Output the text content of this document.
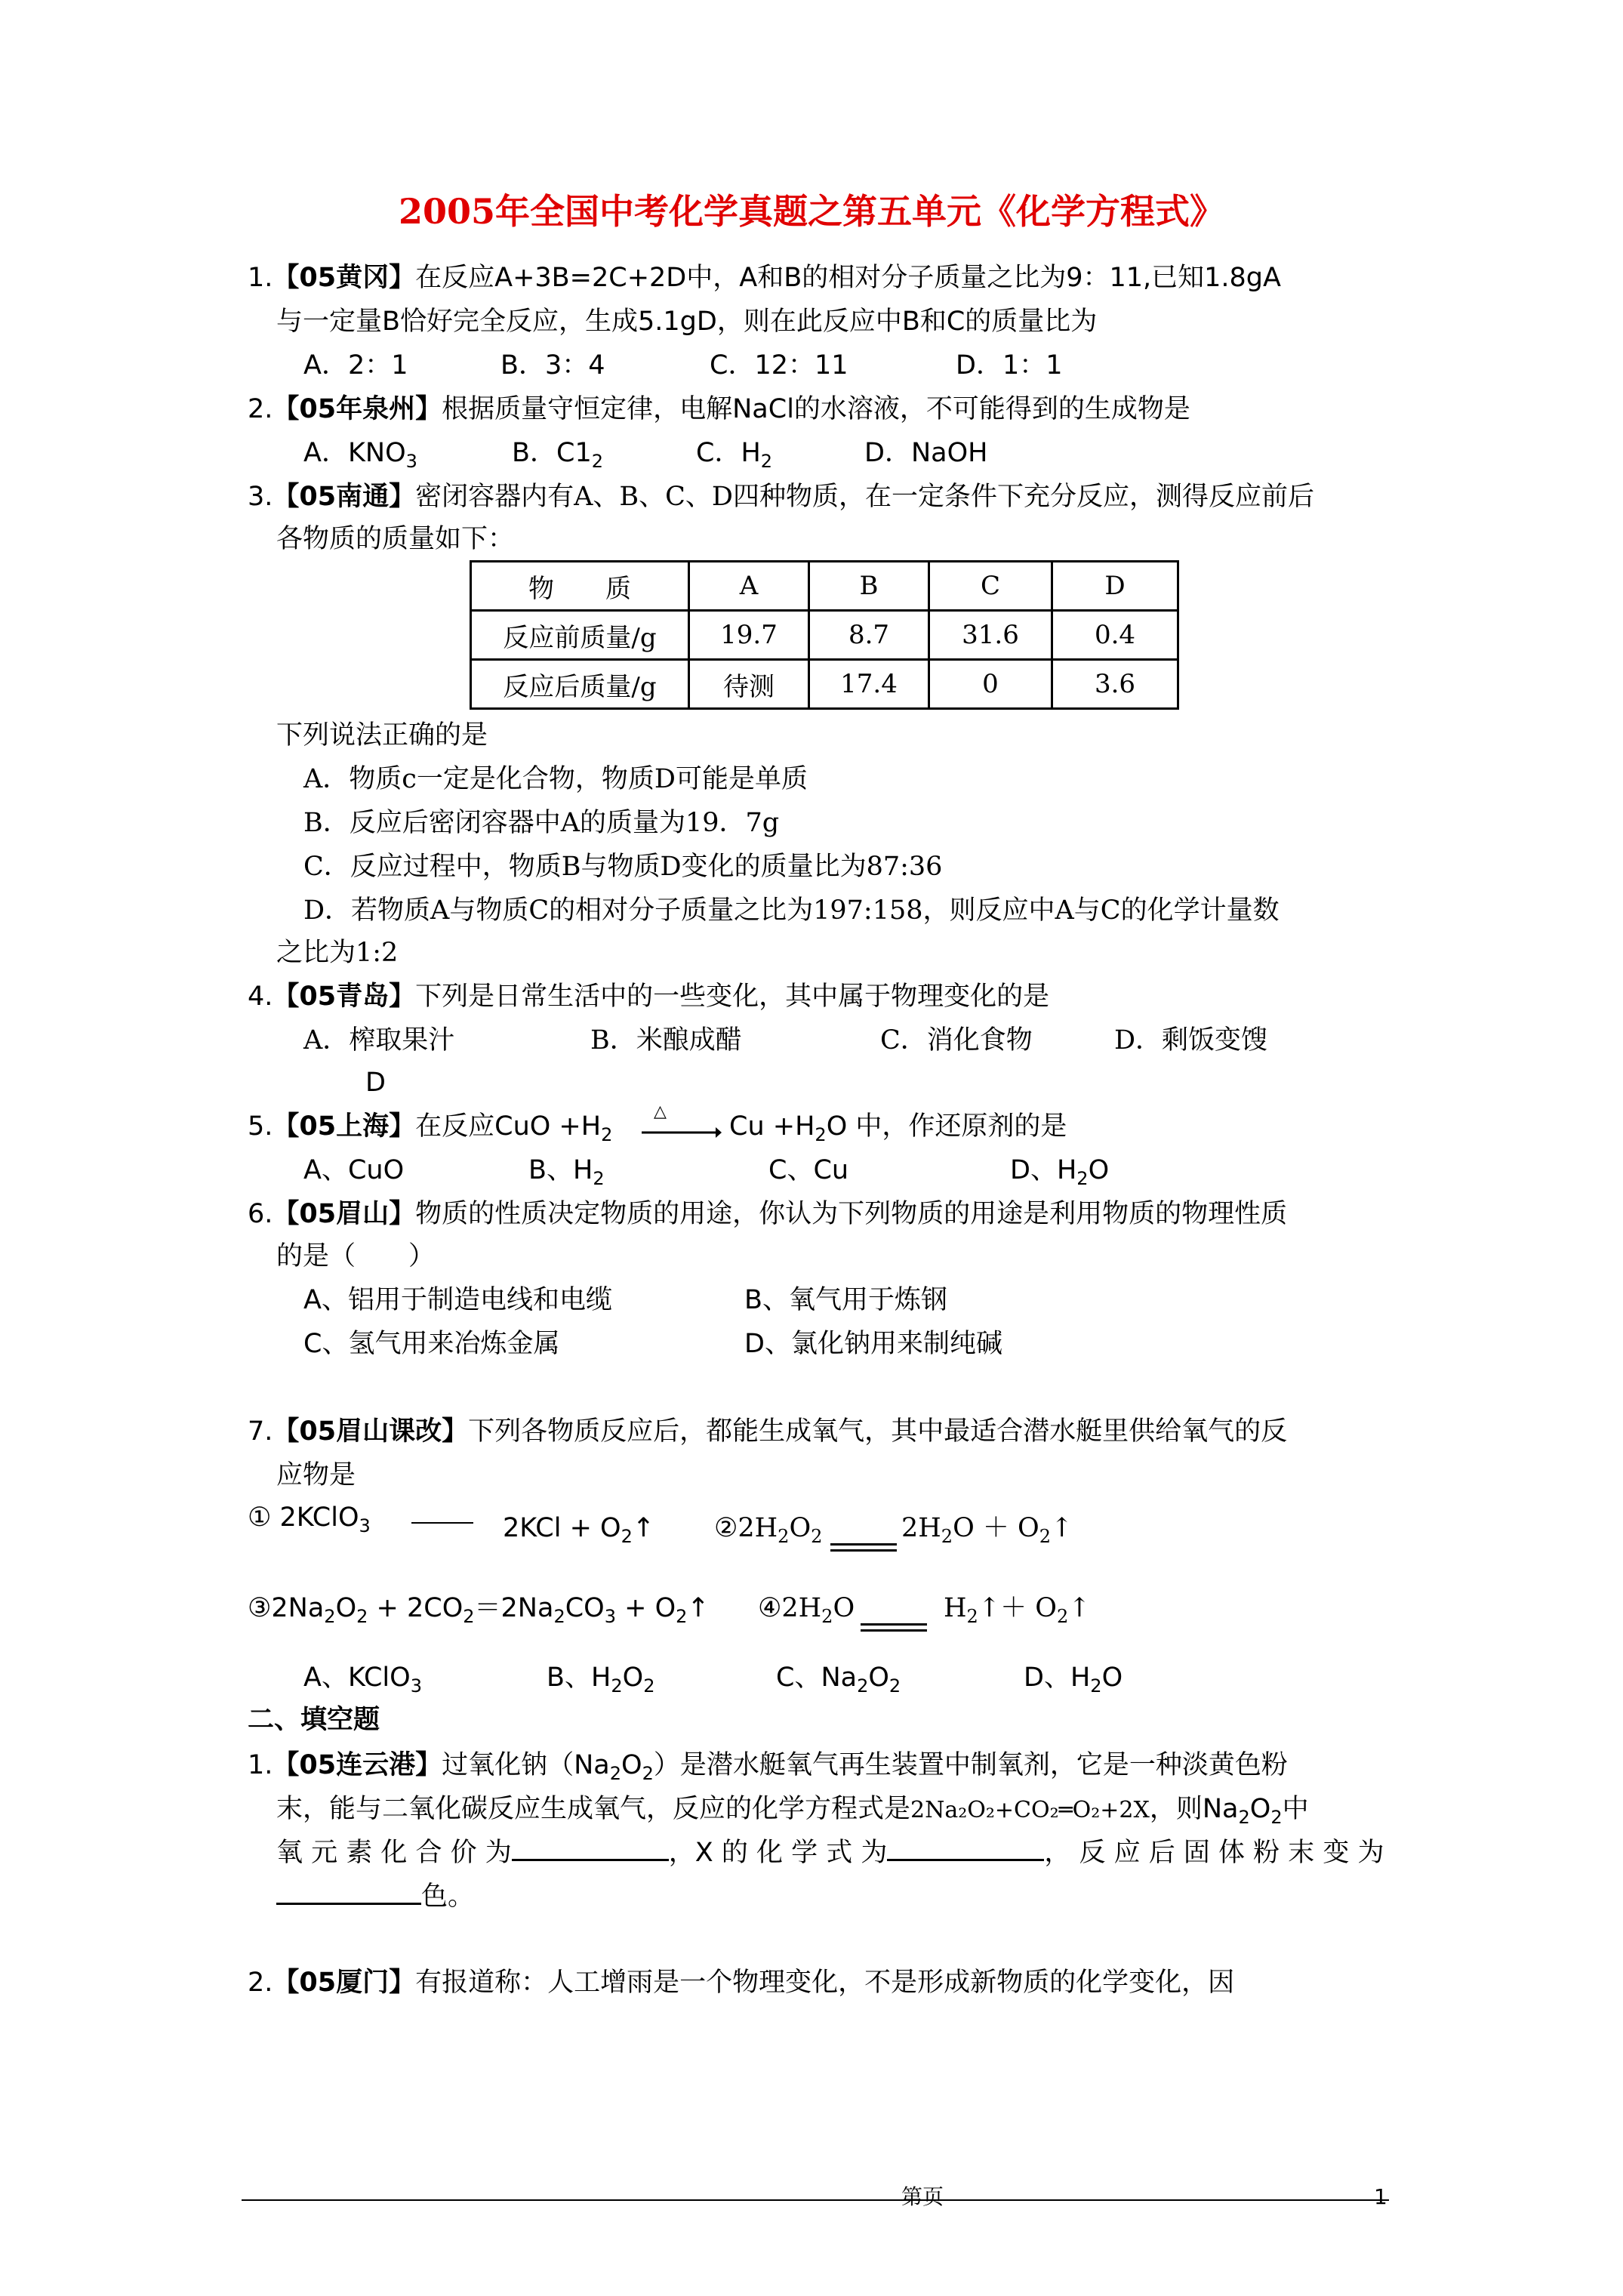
2005年全国中考化学真题之第五单元《化学方程式》
1.【05黄冈】在反应A+3B=2C+2D中，A和B的相对分子质量之比为9：11,已知1.8gA
与一定量B恰好完全反应，生成5.1gD，则在此反应中B和C的质量比为
A．2：1	B．3：4	C．12：11	D．1：1
2.【05年泉州】根据质量守恒定律，电解NaCl的水溶液，不可能得到的生成物是
A．$KNO_3$	B．$C1_2$	C．$H_2$	D．NaOH
3.【05南通】密闭容器内有A、B、C、D四种物质，在一定条件下充分反应，测得反应前后
各物质的质量如下：
物　　质	A	B	C	D
反应前质量/g	19.7	8.7	31.6	0.4
反应后质量/g	待测	17.4	0	3.6
下列说法正确的是
A．物质c一定是化合物，物质D可能是单质
B．反应后密闭容器中A的质量为19．7g
C．反应过程中，物质B与物质D变化的质量比为87:36
D．若物质A与物质C的相对分子质量之比为197:158，则反应中A与C的化学计量数
之比为1:2
4.【05青岛】下列是日常生活中的一些变化，其中属于物理变化的是
A．榨取果汁	B．米酿成醋	C．消化食物	D．剩饭变馊
D
5.【05上海】在反应CuO $+H_2$
△ $Cu +H_2O$ 中，作还原剂的是
A、CuO	B、$H_2$	C、Cu	D、$H_2O$
6.【05眉山】物质的性质决定物质的用途，你认为下列物质的用途是利用物质的物理性质
的是（　　）
A、铝用于制造电线和电缆	B、氧气用于炼钢
C、氢气用来冶炼金属	D、氯化钠用来制纯碱
7.【05眉山课改】下列各物质反应后，都能生成氧气，其中最适合潜水艇里供给氧气的反
应物是
① 2KClO$_3$	$2KCl + O_2↑$ $②2H_2O_2$	$2H_2O$ ＋ $O_2↑$
$③2Na_2O_2 + 2CO_2=2Na_2CO_3$ + $O_2↑$ $④2H_2O$	$H_2↑+$ $O_2↑$
A、KClO$_3$	B、$H_2O_2$	C、$Na_2O_2$	D、$H_2O$
二、填空题
1.【05连云港】过氧化钠$(Na_2O_2)$是潜水艇氧气再生装置中制氧剂，它是一种淡黄色粉
末，能与二氧化碳反应生成氧气，反应的化学方程式是2Na₂O₂+CO₂═O₂+2X，则$Na_2O_2$中
氧 元 素 化 合 价 为	，X 的 化 学 式 为	， 反 应 后 固 体 粉 末 变 为
色。
2.【05厦门】有报道称：人工增雨是一个物理变化，不是形成新物质的化学变化，因
第页	1
